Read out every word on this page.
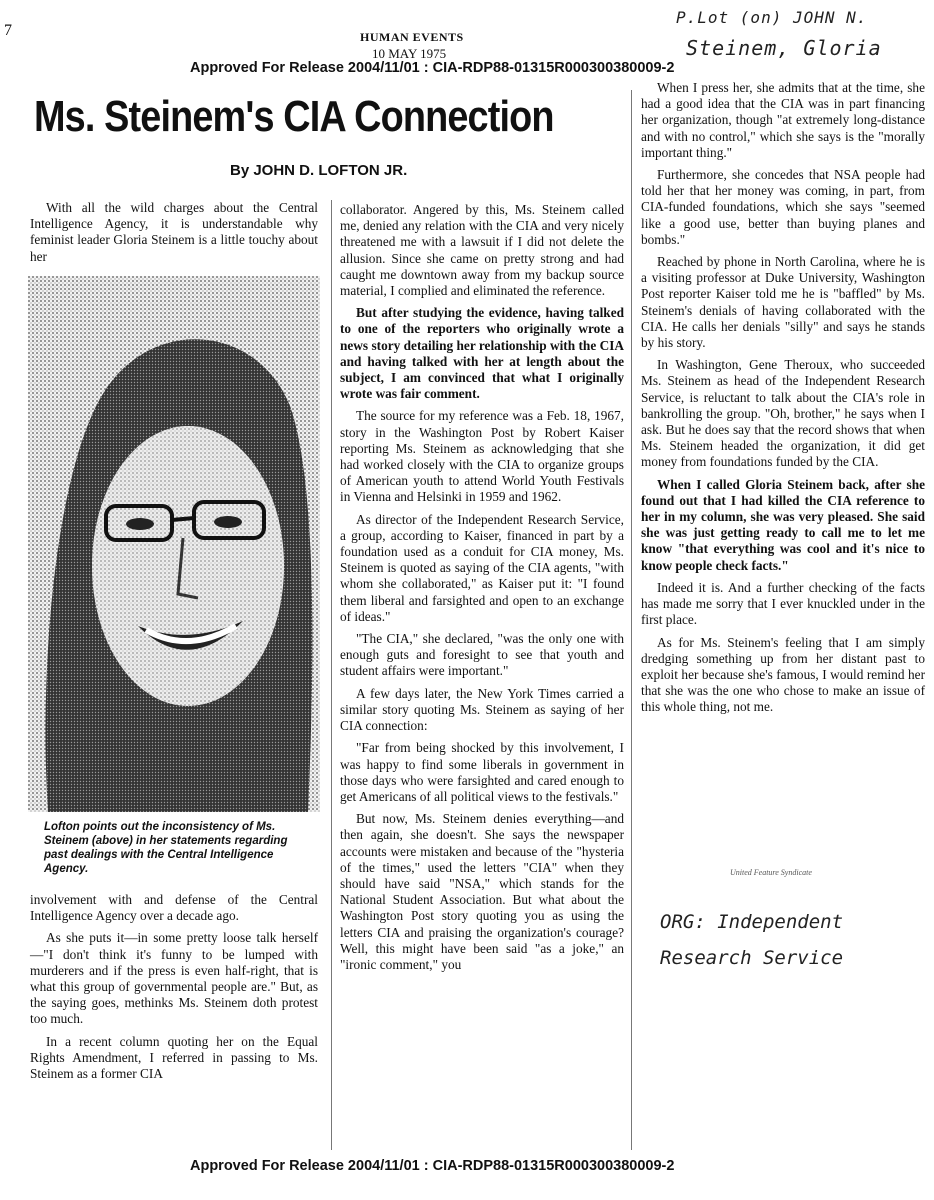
7	HUMAN EVENTS
10 MAY 1975
Approved For Release 2004/11/01 : CIA-RDP88-01315R000300380009-2
P.Lot (on) JOHN N.
Steinem, Gloria
Ms. Steinem's CIA Connection
By JOHN D. LOFTON JR.

With all the wild charges about the Central Intelligence Agency, it is understandable why feminist leader Gloria Steinem is a little touchy about her

Lofton points out the inconsistency of Ms. Steinem (above) in her statements regarding past dealings with the Central Intelligence Agency.

involvement with and defense of the Central Intelligence Agency over a decade ago.

As she puts it—in some pretty loose talk herself—"I don't think it's funny to be lumped with murderers and if the press is even half-right, that is what this group of governmental people are." But, as the saying goes, methinks Ms. Steinem doth protest too much.

In a recent column quoting her on the Equal Rights Amendment, I referred in passing to Ms. Steinem as a former CIA

collaborator. Angered by this, Ms. Steinem called me, denied any relation with the CIA and very nicely threatened me with a lawsuit if I did not delete the allusion. Since she came on pretty strong and had caught me downtown away from my backup source material, I complied and eliminated the reference.

But after studying the evidence, having talked to one of the reporters who originally wrote a news story detailing her relationship with the CIA and having talked with her at length about the subject, I am convinced that what I originally wrote was fair comment.

The source for my reference was a Feb. 18, 1967, story in the Washington Post by Robert Kaiser reporting Ms. Steinem as acknowledging that she had worked closely with the CIA to organize groups of American youth to attend World Youth Festivals in Vienna and Helsinki in 1959 and 1962.

As director of the Independent Research Service, a group, according to Kaiser, financed in part by a foundation used as a conduit for CIA money, Ms. Steinem is quoted as saying of the CIA agents, "with whom she collaborated," as Kaiser put it: "I found them liberal and farsighted and open to an exchange of ideas."

"The CIA," she declared, "was the only one with enough guts and foresight to see that youth and student affairs were important."

A few days later, the New York Times carried a similar story quoting Ms. Steinem as saying of her CIA connection:

"Far from being shocked by this involvement, I was happy to find some liberals in government in those days who were farsighted and cared enough to get Americans of all political views to the festivals."

But now, Ms. Steinem denies everything—and then again, she doesn't. She says the newspaper accounts were mistaken and because of the "hysteria of the times," used the letters "CIA" when they should have said "NSA," which stands for the National Student Association. But what about the Washington Post story quoting you as using the letters CIA and praising the organization's courage? Well, this might have been said "as a joke," an "ironic comment," you

When I press her, she admits that at the time, she had a good idea that the CIA was in part financing her organization, though "at extremely long-distance and with no control," which she says is the "morally important thing."

Furthermore, she concedes that NSA people had told her that her money was coming, in part, from CIA-funded foundations, which she says "seemed like a good use, better than buying planes and bombs."

Reached by phone in North Carolina, where he is a visiting professor at Duke University, Washington Post reporter Kaiser told me he is "baffled" by Ms. Steinem's denials of having collaborated with the CIA. He calls her denials "silly" and says he stands by his story.

In Washington, Gene Theroux, who succeeded Ms. Steinem as head of the Independent Research Service, is reluctant to talk about the CIA's role in bankrolling the group. "Oh, brother," he says when I ask. But he does say that the record shows that when Ms. Steinem headed the organization, it did get money from foundations funded by the CIA.

When I called Gloria Steinem back, after she found out that I had killed the CIA reference to her in my column, she was very pleased. She said she was just getting ready to call me to let me know "that everything was cool and it's nice to know people check facts."

Indeed it is. And a further checking of the facts has made me sorry that I ever knuckled under in the first place.

As for Ms. Steinem's feeling that I am simply dredging something up from her distant past to exploit her because she's famous, I would remind her that she was the one who chose to make an issue of this whole thing, not me.

United Feature Syndicate
ORG: Independent
Research Service
Approved For Release 2004/11/01 : CIA-RDP88-01315R000300380009-2
